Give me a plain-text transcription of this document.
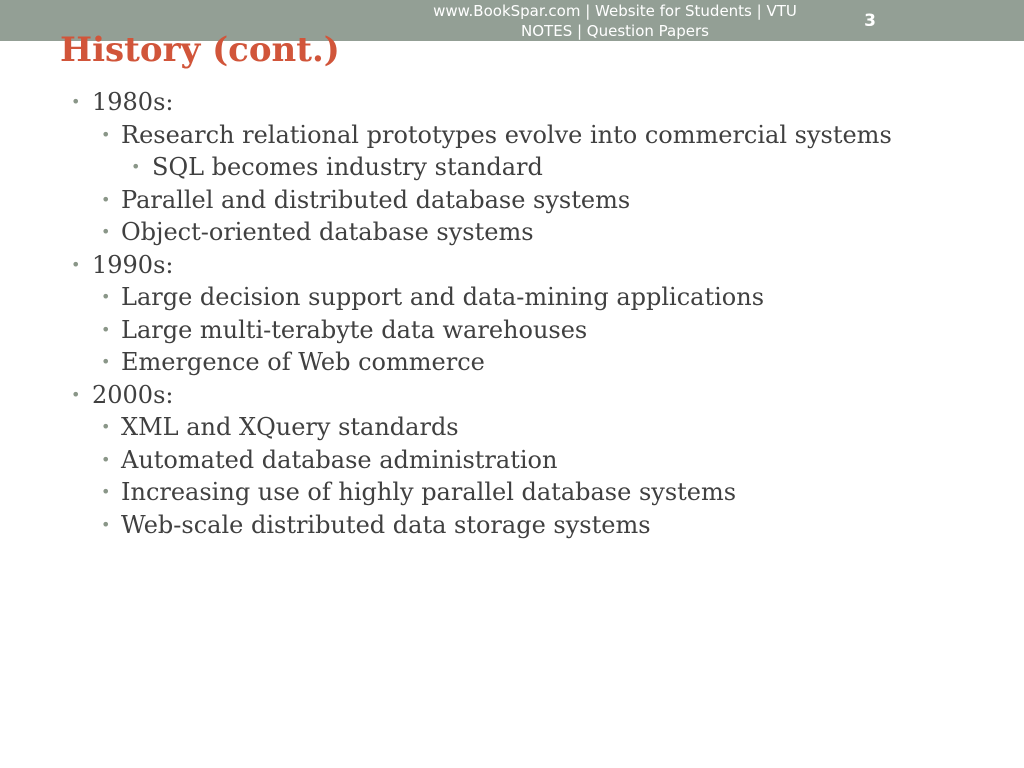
www.BookSpar.com | Website for Students | VTU
NOTES | Question Papers	3
History (cont.)
• 1980s:
• Research relational prototypes evolve into commercial systems
• SQL becomes industry standard
• Parallel and distributed database systems
• Object-oriented database systems
• 1990s:
• Large decision support and data-mining applications
• Large multi-terabyte data warehouses
• Emergence of Web commerce
• 2000s:
• XML and XQuery standards
• Automated database administration
• Increasing use of highly parallel database systems
• Web-scale distributed data storage systems
